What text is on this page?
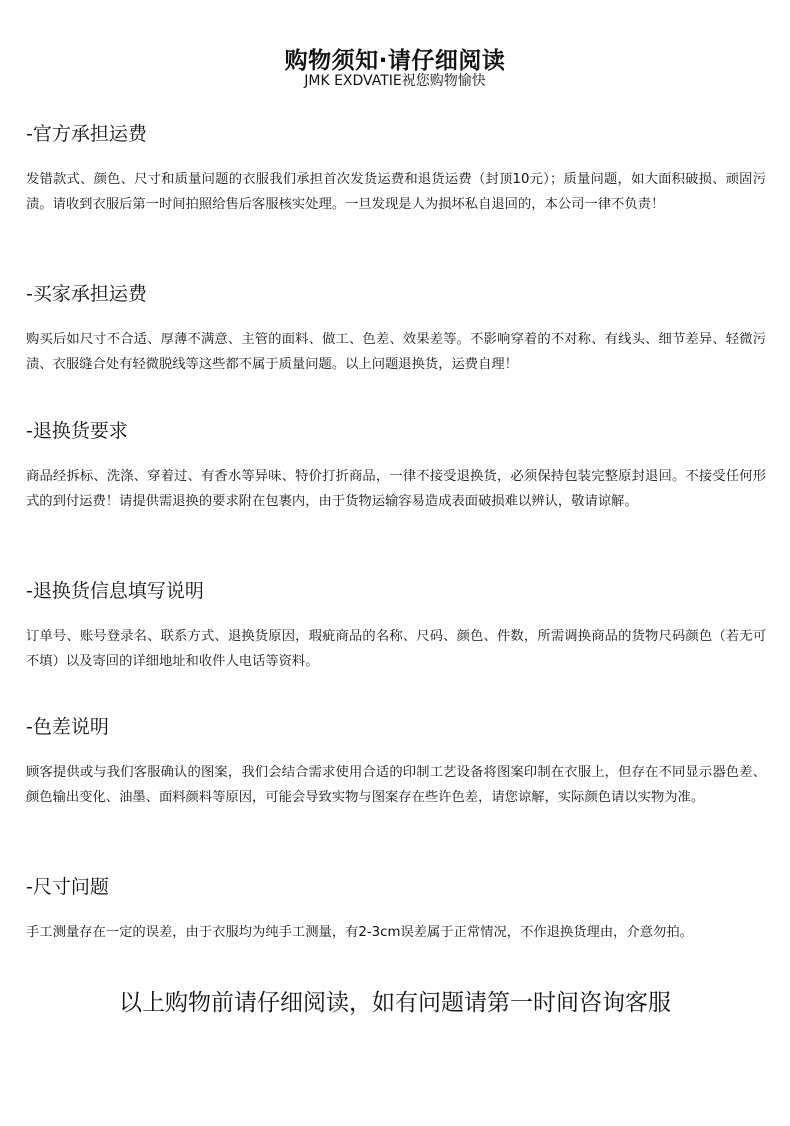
购物须知·请仔细阅读
JMK EXDVATIE祝您购物愉快
-官方承担运费

发错款式、颜色、尺寸和质量问题的衣服我们承担首次发货运费和退货运费（封顶10元）；质量问题，如大面积破损、顽固污渍。请收到衣服后第一时间拍照给售后客服核实处理。一旦发现是人为损坏私自退回的，本公司一律不负责！

-买家承担运费

购买后如尺寸不合适、厚薄不满意、主管的面料、做工、色差、效果差等。不影响穿着的不对称、有线头、细节差异、轻微污渍、衣服缝合处有轻微脱线等这些都不属于质量问题。以上问题退换货，运费自理！

-退换货要求

商品经拆标、洗涤、穿着过、有香水等异味、特价打折商品，一律不接受退换货，必须保持包装完整原封退回。不接受任何形式的到付运费！请提供需退换的要求附在包裹内，由于货物运输容易造成表面破损难以辨认，敬请谅解。

-退换货信息填写说明

订单号、账号登录名、联系方式、退换货原因，瑕疵商品的名称、尺码、颜色、件数，所需调换商品的货物尺码颜色（若无可不填）以及寄回的详细地址和收件人电话等资料。

-色差说明

顾客提供或与我们客服确认的图案，我们会结合需求使用合适的印制工艺设备将图案印制在衣服上，但存在不同显示器色差、颜色输出变化、油墨、面料颜料等原因，可能会导致实物与图案存在些许色差，请您谅解，实际颜色请以实物为准。

-尺寸问题

手工测量存在一定的误差，由于衣服均为纯手工测量，有2-3cm误差属于正常情况，不作退换货理由，介意勿拍。

以上购物前请仔细阅读，如有问题请第一时间咨询客服
